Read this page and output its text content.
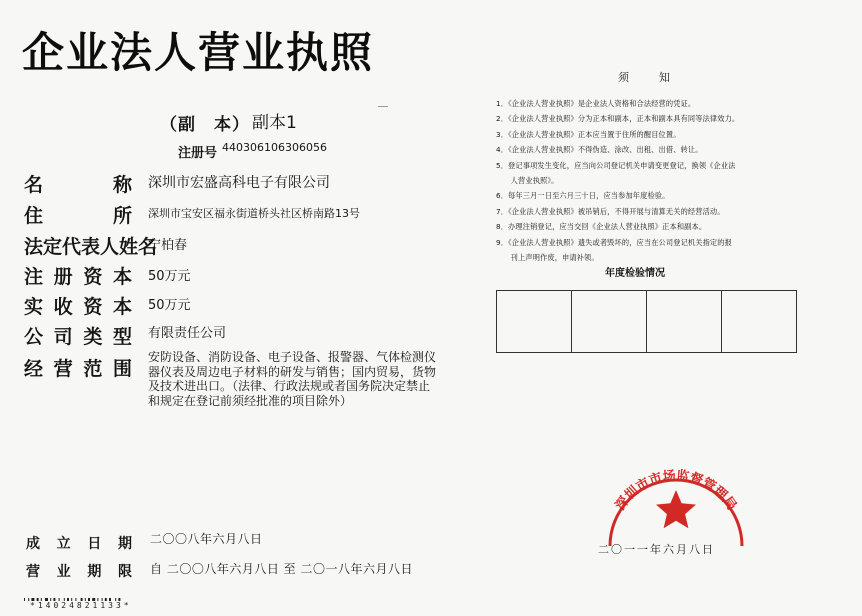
企业法人营业执照
（副　本） 副本1
注册号 440306106306056
名	称
住	所
法定代表人姓名
注 册 资 本
实 收 资 本
公 司 类 型
经 营 范 围
深圳市宏盛高科电子有限公司
深圳市宝安区福永街道桥头社区桥南路13号
宁柏春
50万元
50万元
有限责任公司
安防设备、消防设备、电子设备、报警器、气体检测仪器仪表及周边电子材料的研发与销售；国内贸易，货物及技术进出口。（法律、行政法规或者国务院决定禁止和规定在登记前须经批准的项目除外）
成 立 日 期 二〇〇八年六月八日
营 业 期 限 自 二〇〇八年六月八日 至 二〇一八年六月八日
须知
1．《企业法人营业执照》是企业法人资格和合法经营的凭证。
2．《企业法人营业执照》分为正本和副本，正本和副本具有同等法律效力。
3．《企业法人营业执照》正本应当置于住所的醒目位置。
4．《企业法人营业执照》不得伪造、涂改、出租、出借、转让。
5．登记事项发生变化，应当向公司登记机关申请变更登记，换领《企业法
　　人营业执照》。
6．每年三月一日至六月三十日，应当参加年度检验。
7．《企业法人营业执照》被吊销后，不得开展与清算无关的经营活动。
8．办理注销登记，应当交回《企业法人营业执照》正本和副本。
9．《企业法人营业执照》遗失或者毁坏的，应当在公司登记机关指定的报
　　刊上声明作废，申请补领。
年度检验情况
深圳市市场监督管理局
二〇一一年六月八日
*14024821133*
